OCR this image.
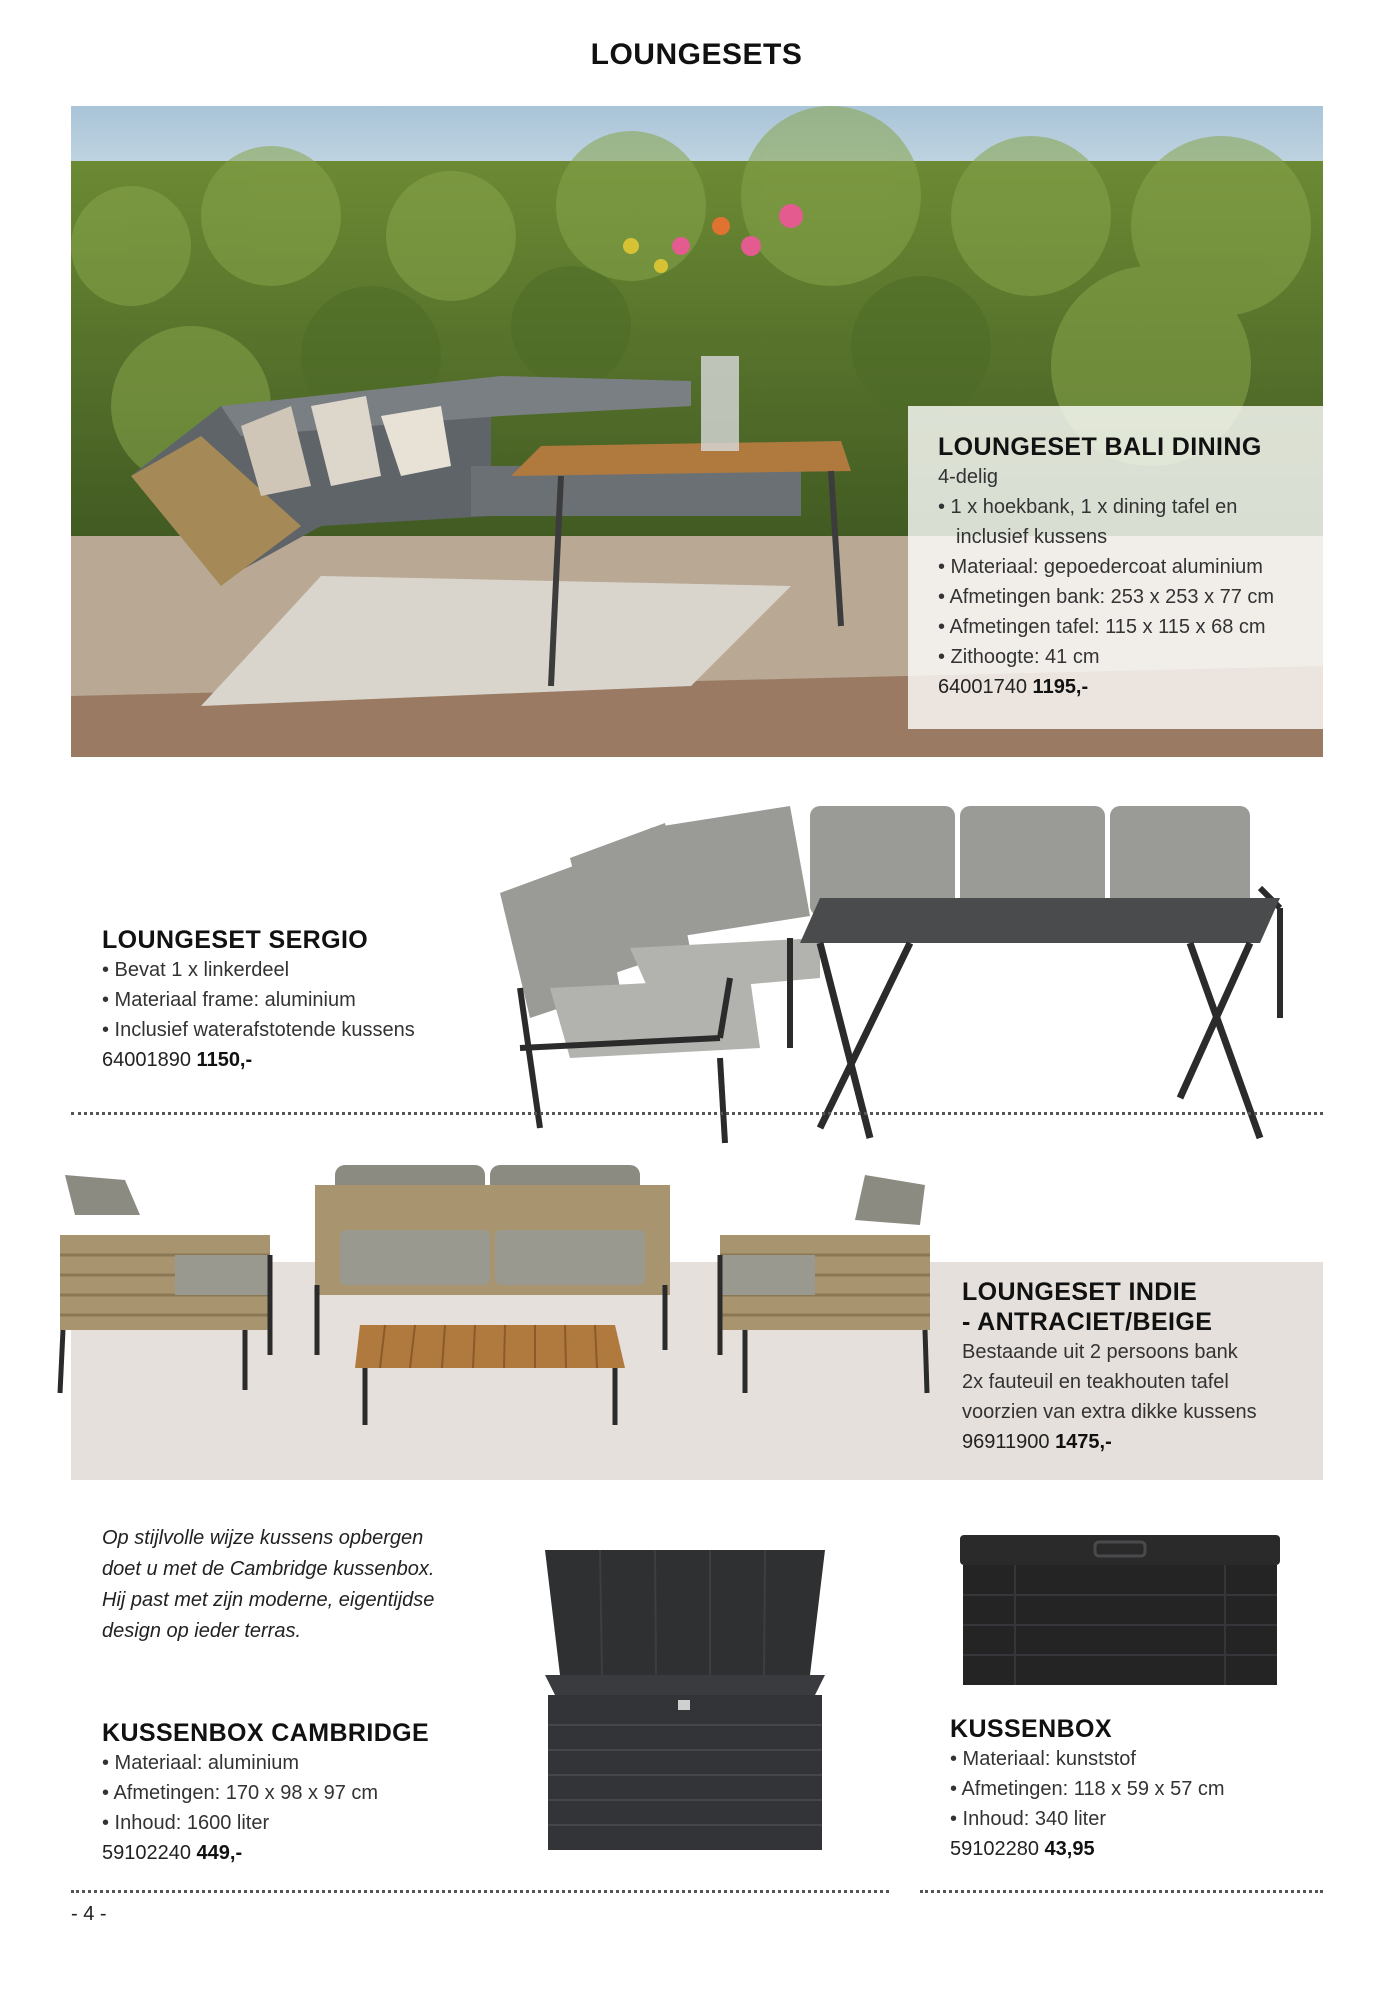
LOUNGESETS
LOUNGESET BALI DINING
4-delig
• 1 x hoekbank, 1 x dining tafel en
inclusief kussens
• Materiaal: gepoedercoat aluminium
• Afmetingen bank: 253 x 253 x 77 cm
• Afmetingen tafel: 115 x 115 x 68 cm
• Zithoogte: 41 cm
64001740 1195,-
LOUNGESET SERGIO
• Bevat 1 x linkerdeel
• Materiaal frame: aluminium
• Inclusief waterafstotende kussens
64001890 1150,-
LOUNGESET INDIE
- ANTRACIET/BEIGE
Bestaande uit 2 persoons bank
2x fauteuil en teakhouten tafel
voorzien van extra dikke kussens
96911900 1475,-
Op stijlvolle wijze kussens opbergen
doet u met de Cambridge kussenbox.
Hij past met zijn moderne, eigentijdse
design op ieder terras.
KUSSENBOX CAMBRIDGE
• Materiaal: aluminium
• Afmetingen: 170 x 98 x 97 cm
• Inhoud: 1600 liter
59102240 449,-
KUSSENBOX
• Materiaal: kunststof
• Afmetingen: 118 x 59 x 57 cm
• Inhoud: 340 liter
59102280 43,95
- 4 -
